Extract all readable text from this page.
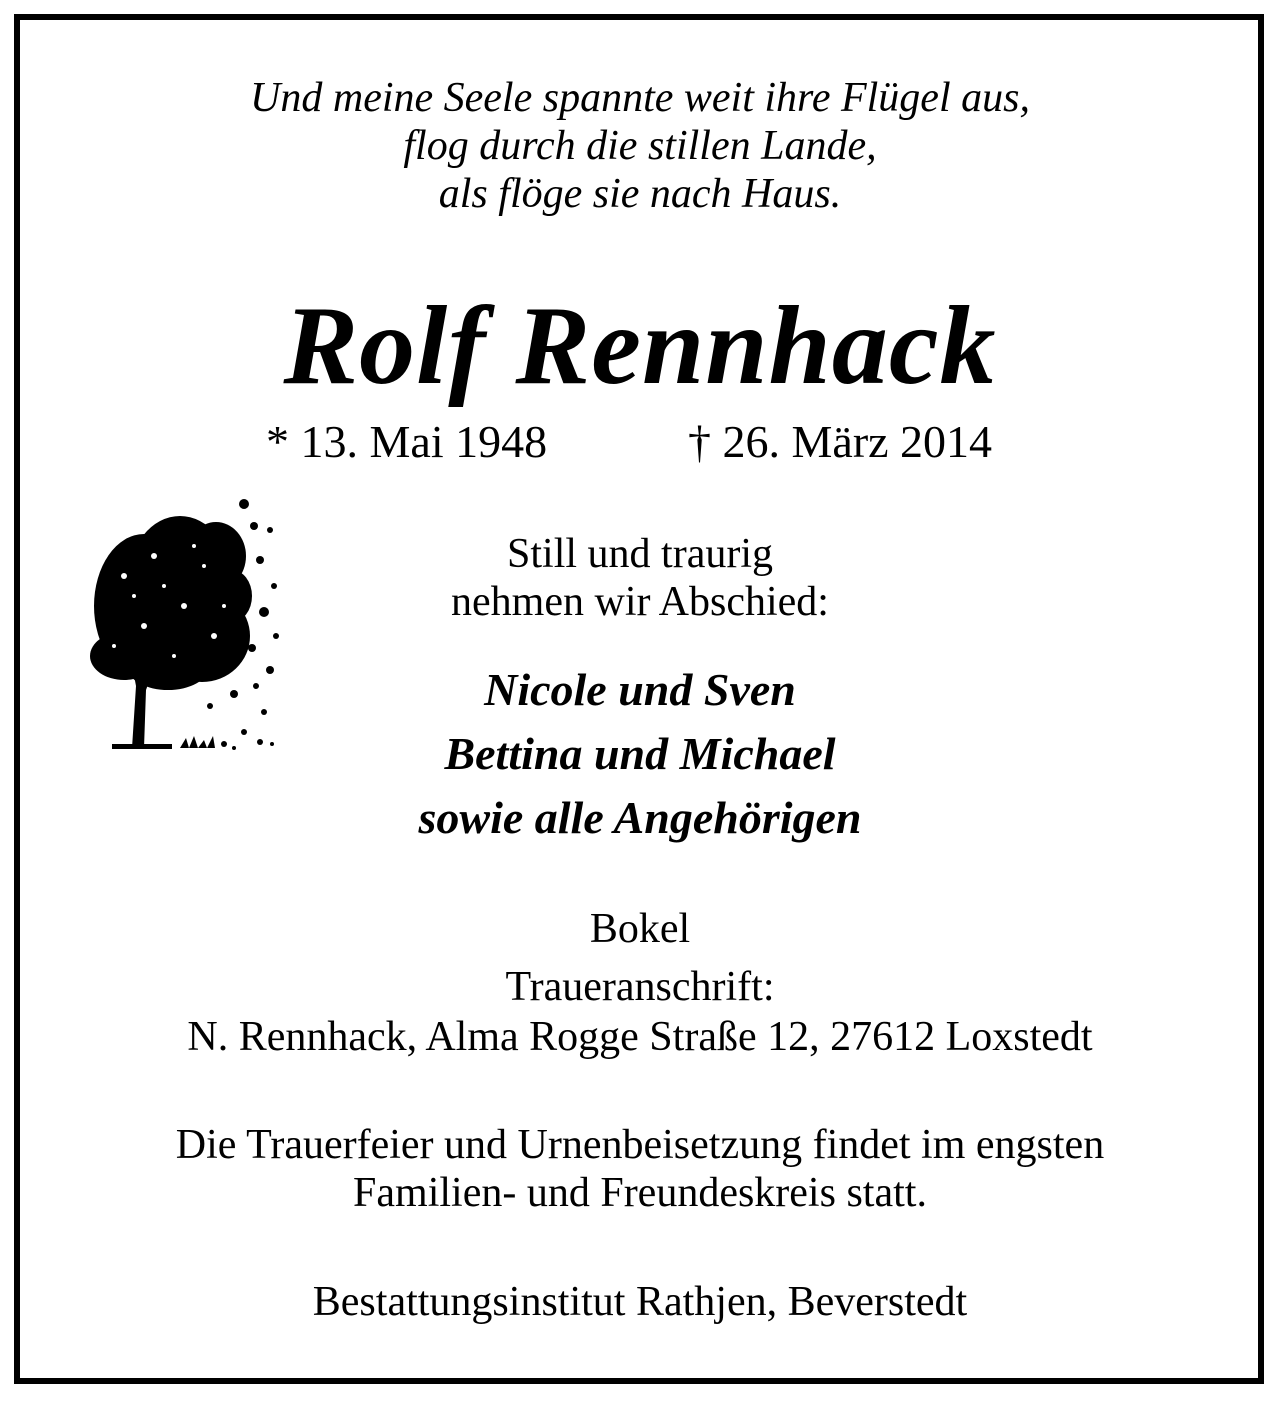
Und meine Seele spannte weit ihre Flügel aus,

flog durch die stillen Lande,

als flöge sie nach Haus.

Rolf Rennhack

* 13. Mai 1948	† 26. März 2014

Still und traurig

nehmen wir Abschied:

Nicole und Sven

Bettina und Michael

sowie alle Angehörigen

Bokel

Traueranschrift:

N. Rennhack, Alma Rogge Straße 12, 27612 Loxstedt

Die Trauerfeier und Urnenbeisetzung findet im engsten

Familien- und Freundeskreis statt.

Bestattungsinstitut Rathjen, Beverstedt
